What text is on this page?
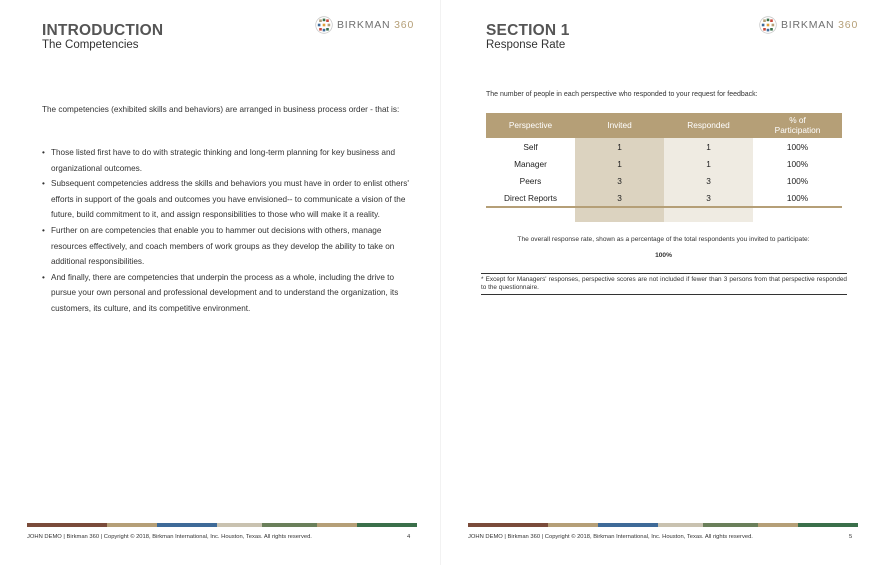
INTRODUCTION
The Competencies
BIRKMAN 360

The competencies (exhibited skills and behaviors) are arranged in business process order - that is:

• Those listed first have to do with strategic thinking and long-term planning for key business and organizational outcomes.
• Subsequent competencies address the skills and behaviors you must have in order to enlist others' efforts in support of the goals and outcomes you have envisioned-- to communicate a vision of the future, build commitment to it, and assign responsibilities to those who will make it a reality.
• Further on are competencies that enable you to hammer out decisions with others, manage resources effectively, and coach members of work groups as they develop the ability to take on additional responsibilities.
• And finally, there are competencies that underpin the process as a whole, including the drive to pursue your own personal and professional development and to understand the organization, its customers, its culture, and its competitive environment.
JOHN DEMO | Birkman 360 | Copyright © 2018, Birkman International, Inc. Houston, Texas. All rights reserved.	4
SECTION 1
Response Rate
BIRKMAN 360
The number of people in each perspective who responded to your request for feedback:
Perspective	Invited	Responded	% of
Participation
Self	1	1	100%
Manager	1	1	100%
Peers	3	3	100%
Direct Reports	3	3	100%

The overall response rate, shown as a percentage of the total respondents you invited to participate:
100%
* Except for Managers' responses, perspective scores are not included if fewer than 3 persons from that perspective responded to the questionnaire.
JOHN DEMO | Birkman 360 | Copyright © 2018, Birkman International, Inc. Houston, Texas. All rights reserved.	5
